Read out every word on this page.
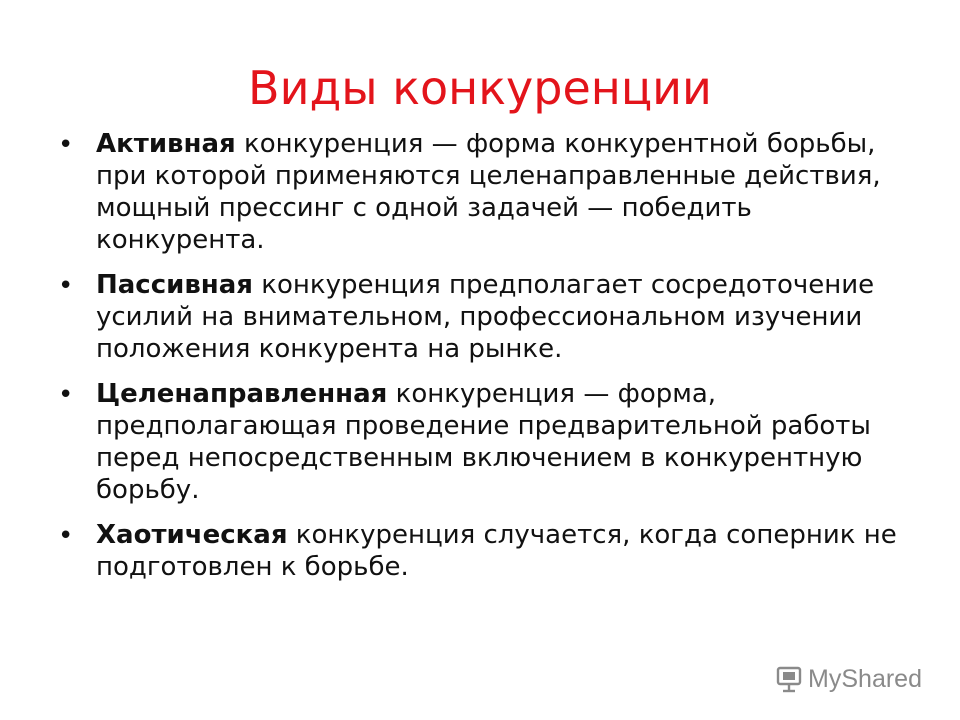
Виды конкуренции
• Активная конкуренция — форма конкурентной борьбы, при которой применяются целенаправленные действия, мощный прессинг с одной задачей — победить конкурента.
• Пассивная конкуренция предполагает сосредоточение усилий на внимательном, профессиональном изучении положения конкурента на рынке.
• Целенаправленная конкуренция — форма, предполагающая проведение предварительной работы перед непосредственным включением в конкурентную борьбу.
• Хаотическая конкуренция случается, когда соперник не подготовлен к борьбе.
MyShared
